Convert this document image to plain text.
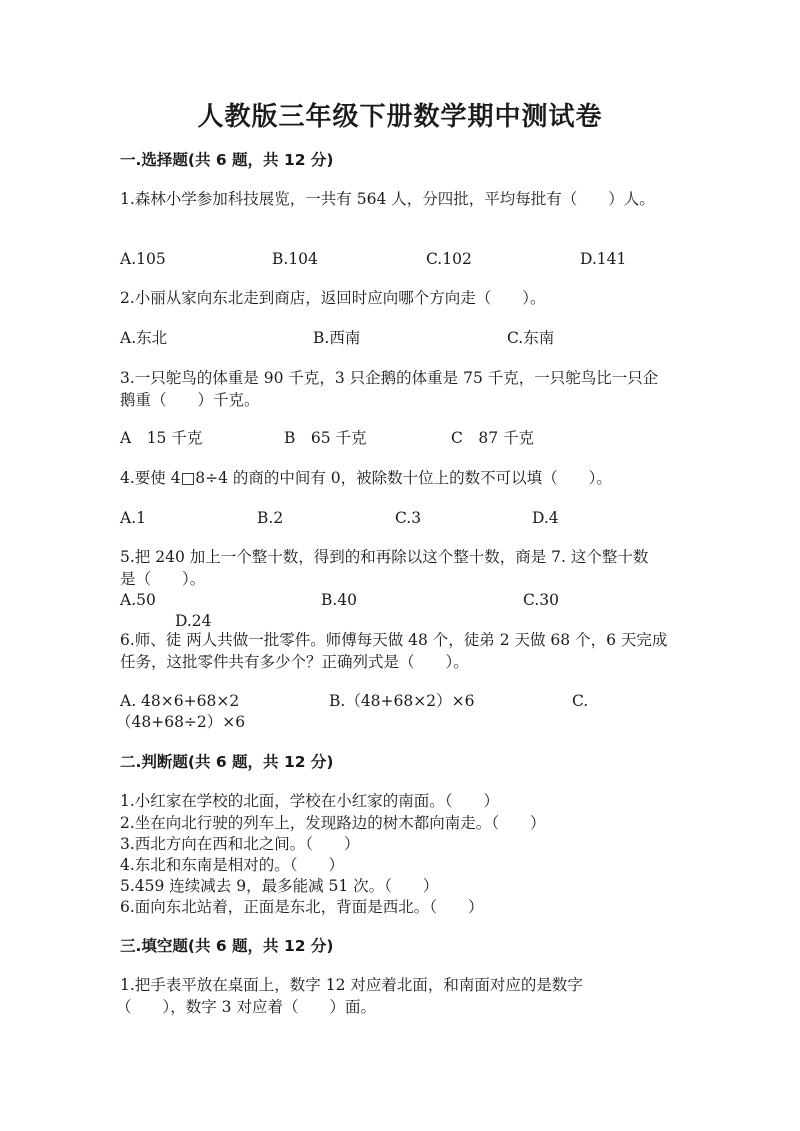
人教版三年级下册数学期中测试卷
一.选择题(共 6 题，共 12 分)
1.森林小学参加科技展览，一共有 564 人，分四批，平均每批有（　　）人。
A.105	B.104	C.102	D.141
2.小丽从家向东北走到商店，返回时应向哪个方向走（　　）。
A.东北	B.西南	C.东南
3.一只鸵鸟的体重是 90 千克，3 只企鹅的体重是 75 千克，一只鸵鸟比一只企
鹅重（　　）千克。
A　15 千克	B　65 千克	C　87 千克
4.要使 4□8÷4 的商的中间有 0，被除数十位上的数不可以填（　　）。
A.1	B.2	C.3	D.4
5.把 240 加上一个整十数，得到的和再除以这个整十数，商是 7. 这个整十数
是（　　）。
A.50	B.40	C.30
D.24
6.师、徒 两人共做一批零件。师傅每天做 48 个，徒弟 2 天做 68 个，6 天完成
任务，这批零件共有多少个？正确列式是（　　）。
A. 48×6+68×2	B.（48+68×2）×6	C.
（48+68÷2）×6
二.判断题(共 6 题，共 12 分)
1.小红家在学校的北面，学校在小红家的南面。（　　）
2.坐在向北行驶的列车上，发现路边的树木都向南走。（　　）
3.西北方向在西和北之间。（　　）
4.东北和东南是相对的。（　　）
5.459 连续减去 9，最多能减 51 次。（　　）
6.面向东北站着，正面是东北，背面是西北。（　　）
三.填空题(共 6 题，共 12 分)
1.把手表平放在桌面上，数字 12 对应着北面，和南面对应的是数字
（　　），数字 3 对应着（　　）面。
